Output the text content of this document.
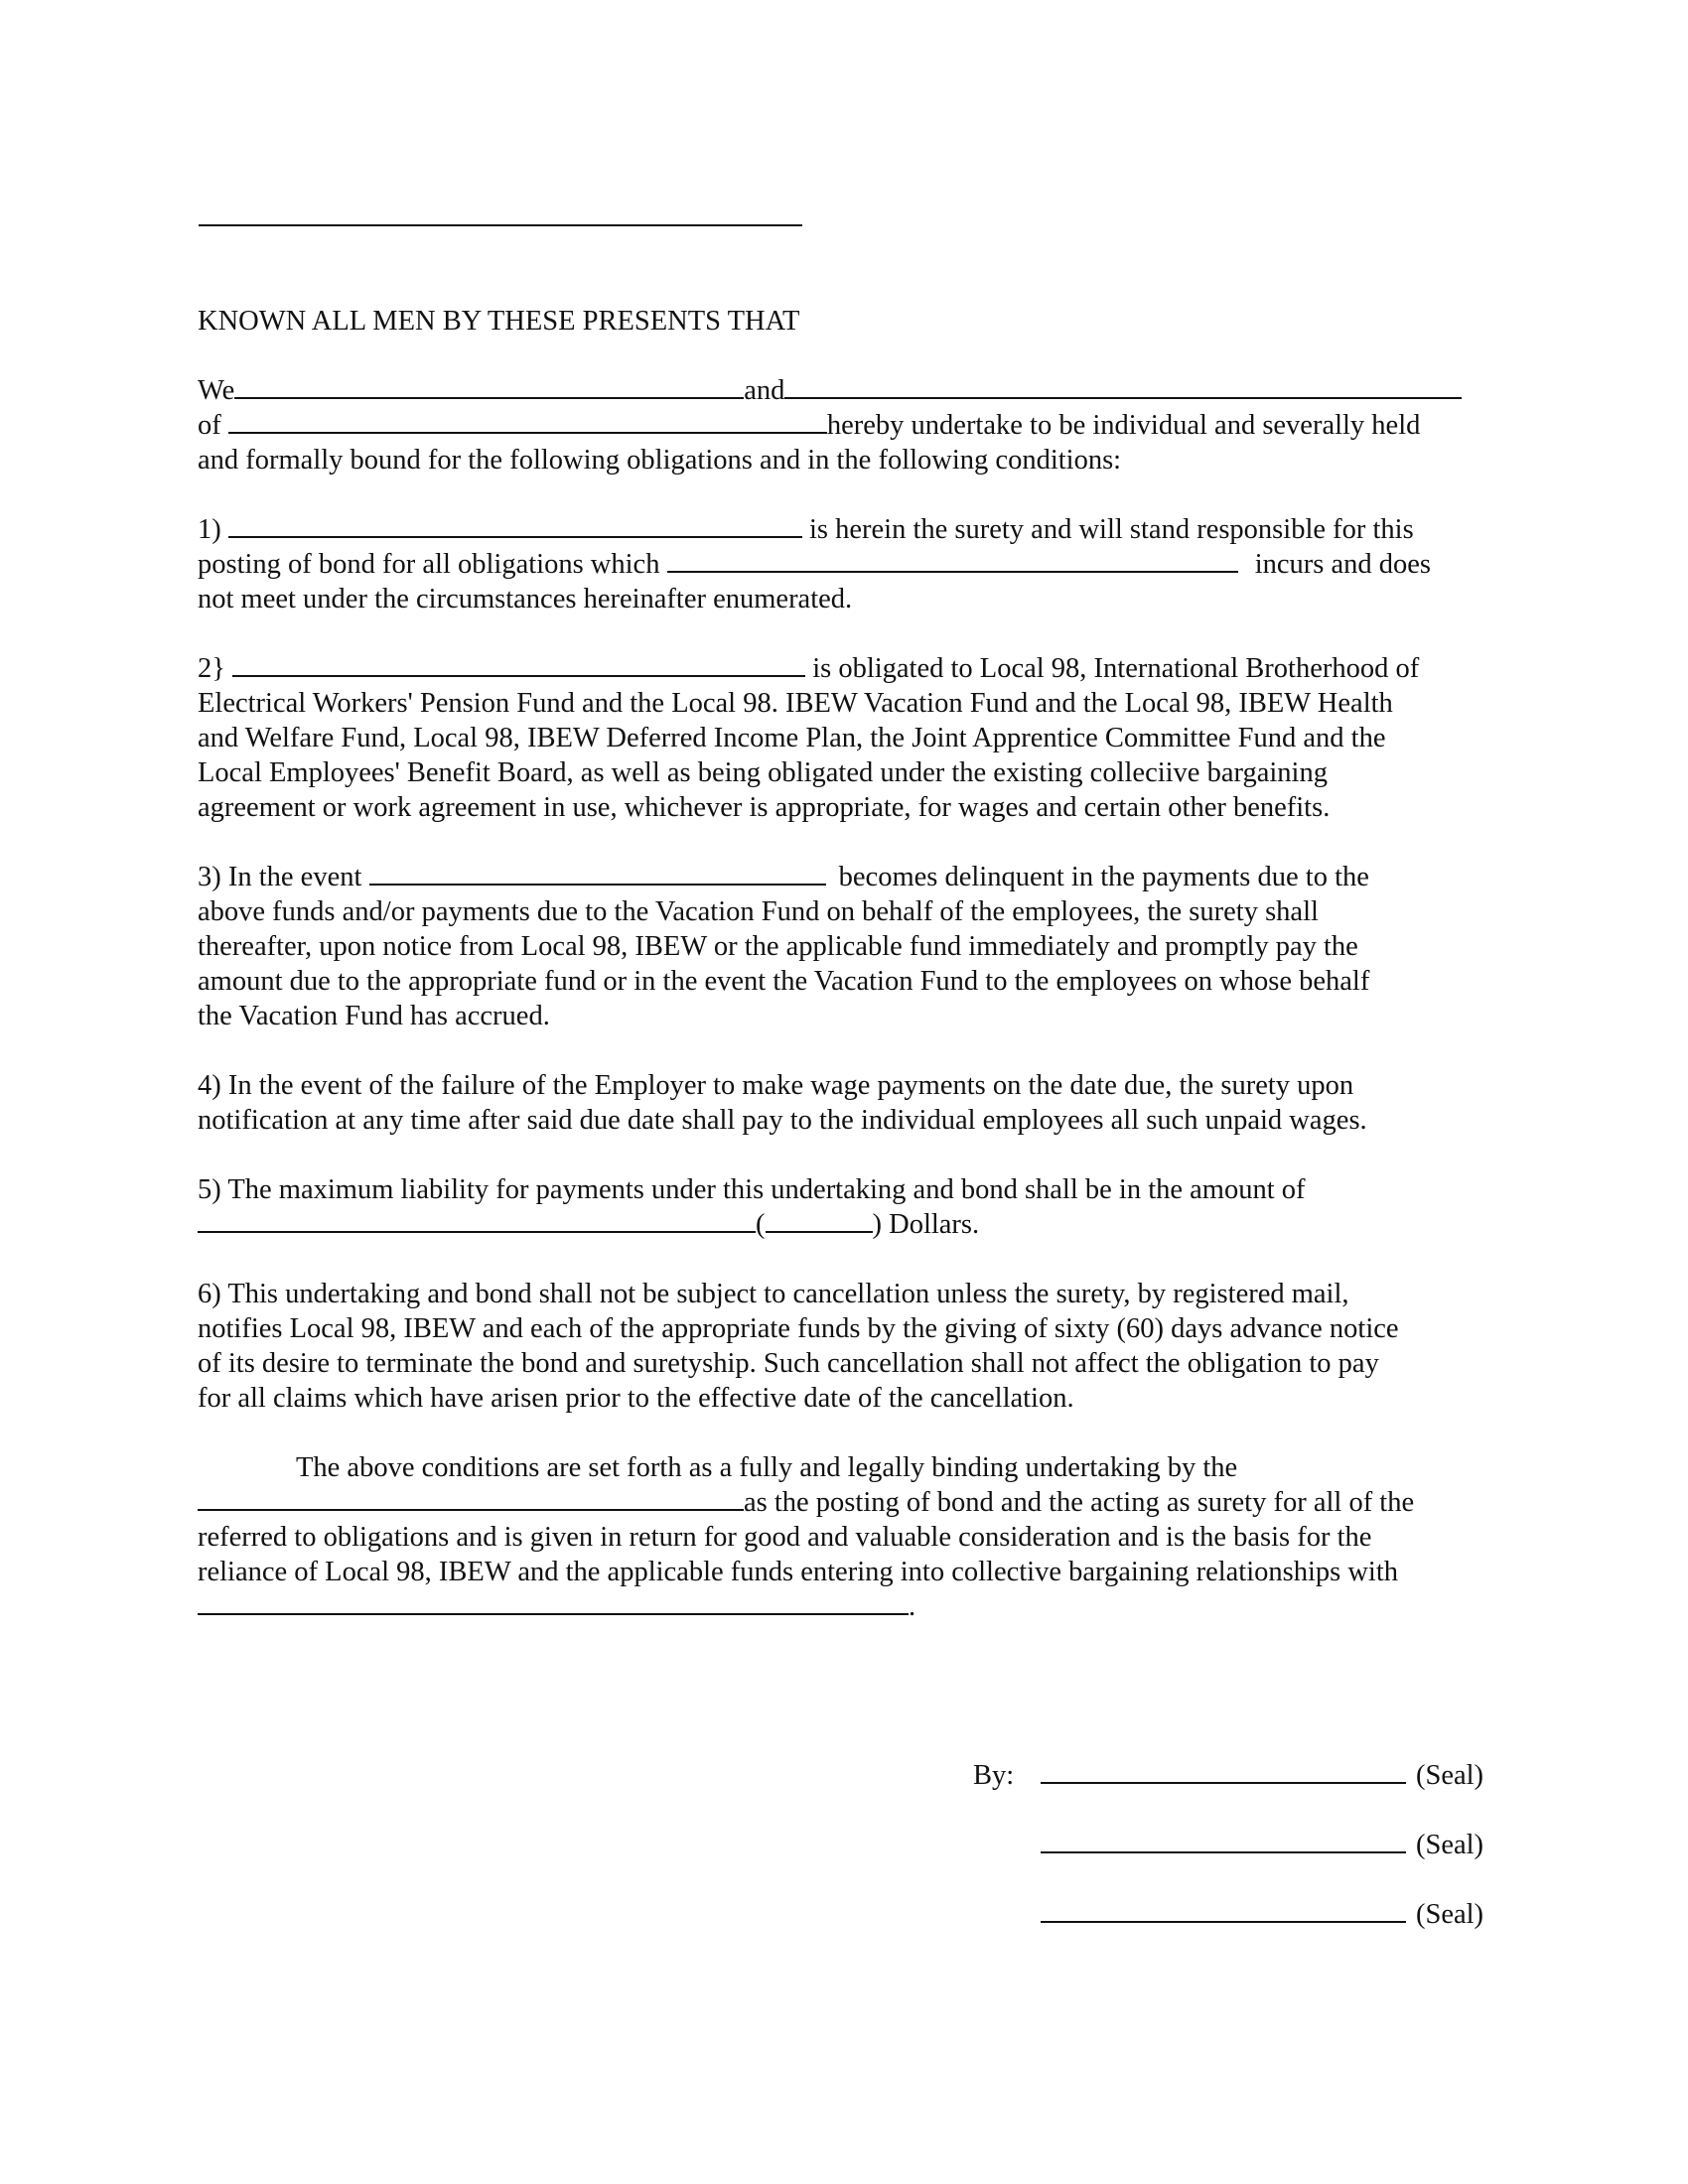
KNOWN ALL MEN BY THESE PRESENTS THAT
We	and
of	hereby undertake to be individual and severally held
and formally bound for the following obligations and in the following conditions:
1)	is herein the surety and will stand responsible for this
posting of bond for all obligations which	incurs and does
not meet under the circumstances hereinafter enumerated.
2}	is obligated to Local 98, International Brotherhood of
Electrical Workers' Pension Fund and the Local 98. IBEW Vacation Fund and the Local 98, IBEW Health
and Welfare Fund, Local 98, IBEW Deferred Income Plan, the Joint Apprentice Committee Fund and the
Local Employees' Benefit Board, as well as being obligated under the existing colleciive bargaining
agreement or work agreement in use, whichever is appropriate, for wages and certain other benefits.
3) In the event	becomes delinquent in the payments due to the
above funds and/or payments due to the Vacation Fund on behalf of the employees, the surety shall
thereafter, upon notice from Local 98, IBEW or the applicable fund immediately and promptly pay the
amount due to the appropriate fund or in the event the Vacation Fund to the employees on whose behalf
the Vacation Fund has accrued.
4) In the event of the failure of the Employer to make wage payments on the date due, the surety upon
notification at any time after said due date shall pay to the individual employees all such unpaid wages.
5) The maximum liability for payments under this undertaking and bond shall be in the amount of
(	) Dollars.
6) This undertaking and bond shall not be subject to cancellation unless the surety, by registered mail,
notifies Local 98, IBEW and each of the appropriate funds by the giving of sixty (60) days advance notice
of its desire to terminate the bond and suretyship. Such cancellation shall not affect the obligation to pay
for all claims which have arisen prior to the effective date of the cancellation.
The above conditions are set forth as a fully and legally binding undertaking by the
as the posting of bond and the acting as surety for all of the
referred to obligations and is given in return for good and valuable consideration and is the basis for the
reliance of Local 98, IBEW and the applicable funds entering into collective bargaining relationships with
.
By:	(Seal)
(Seal)
(Seal)
